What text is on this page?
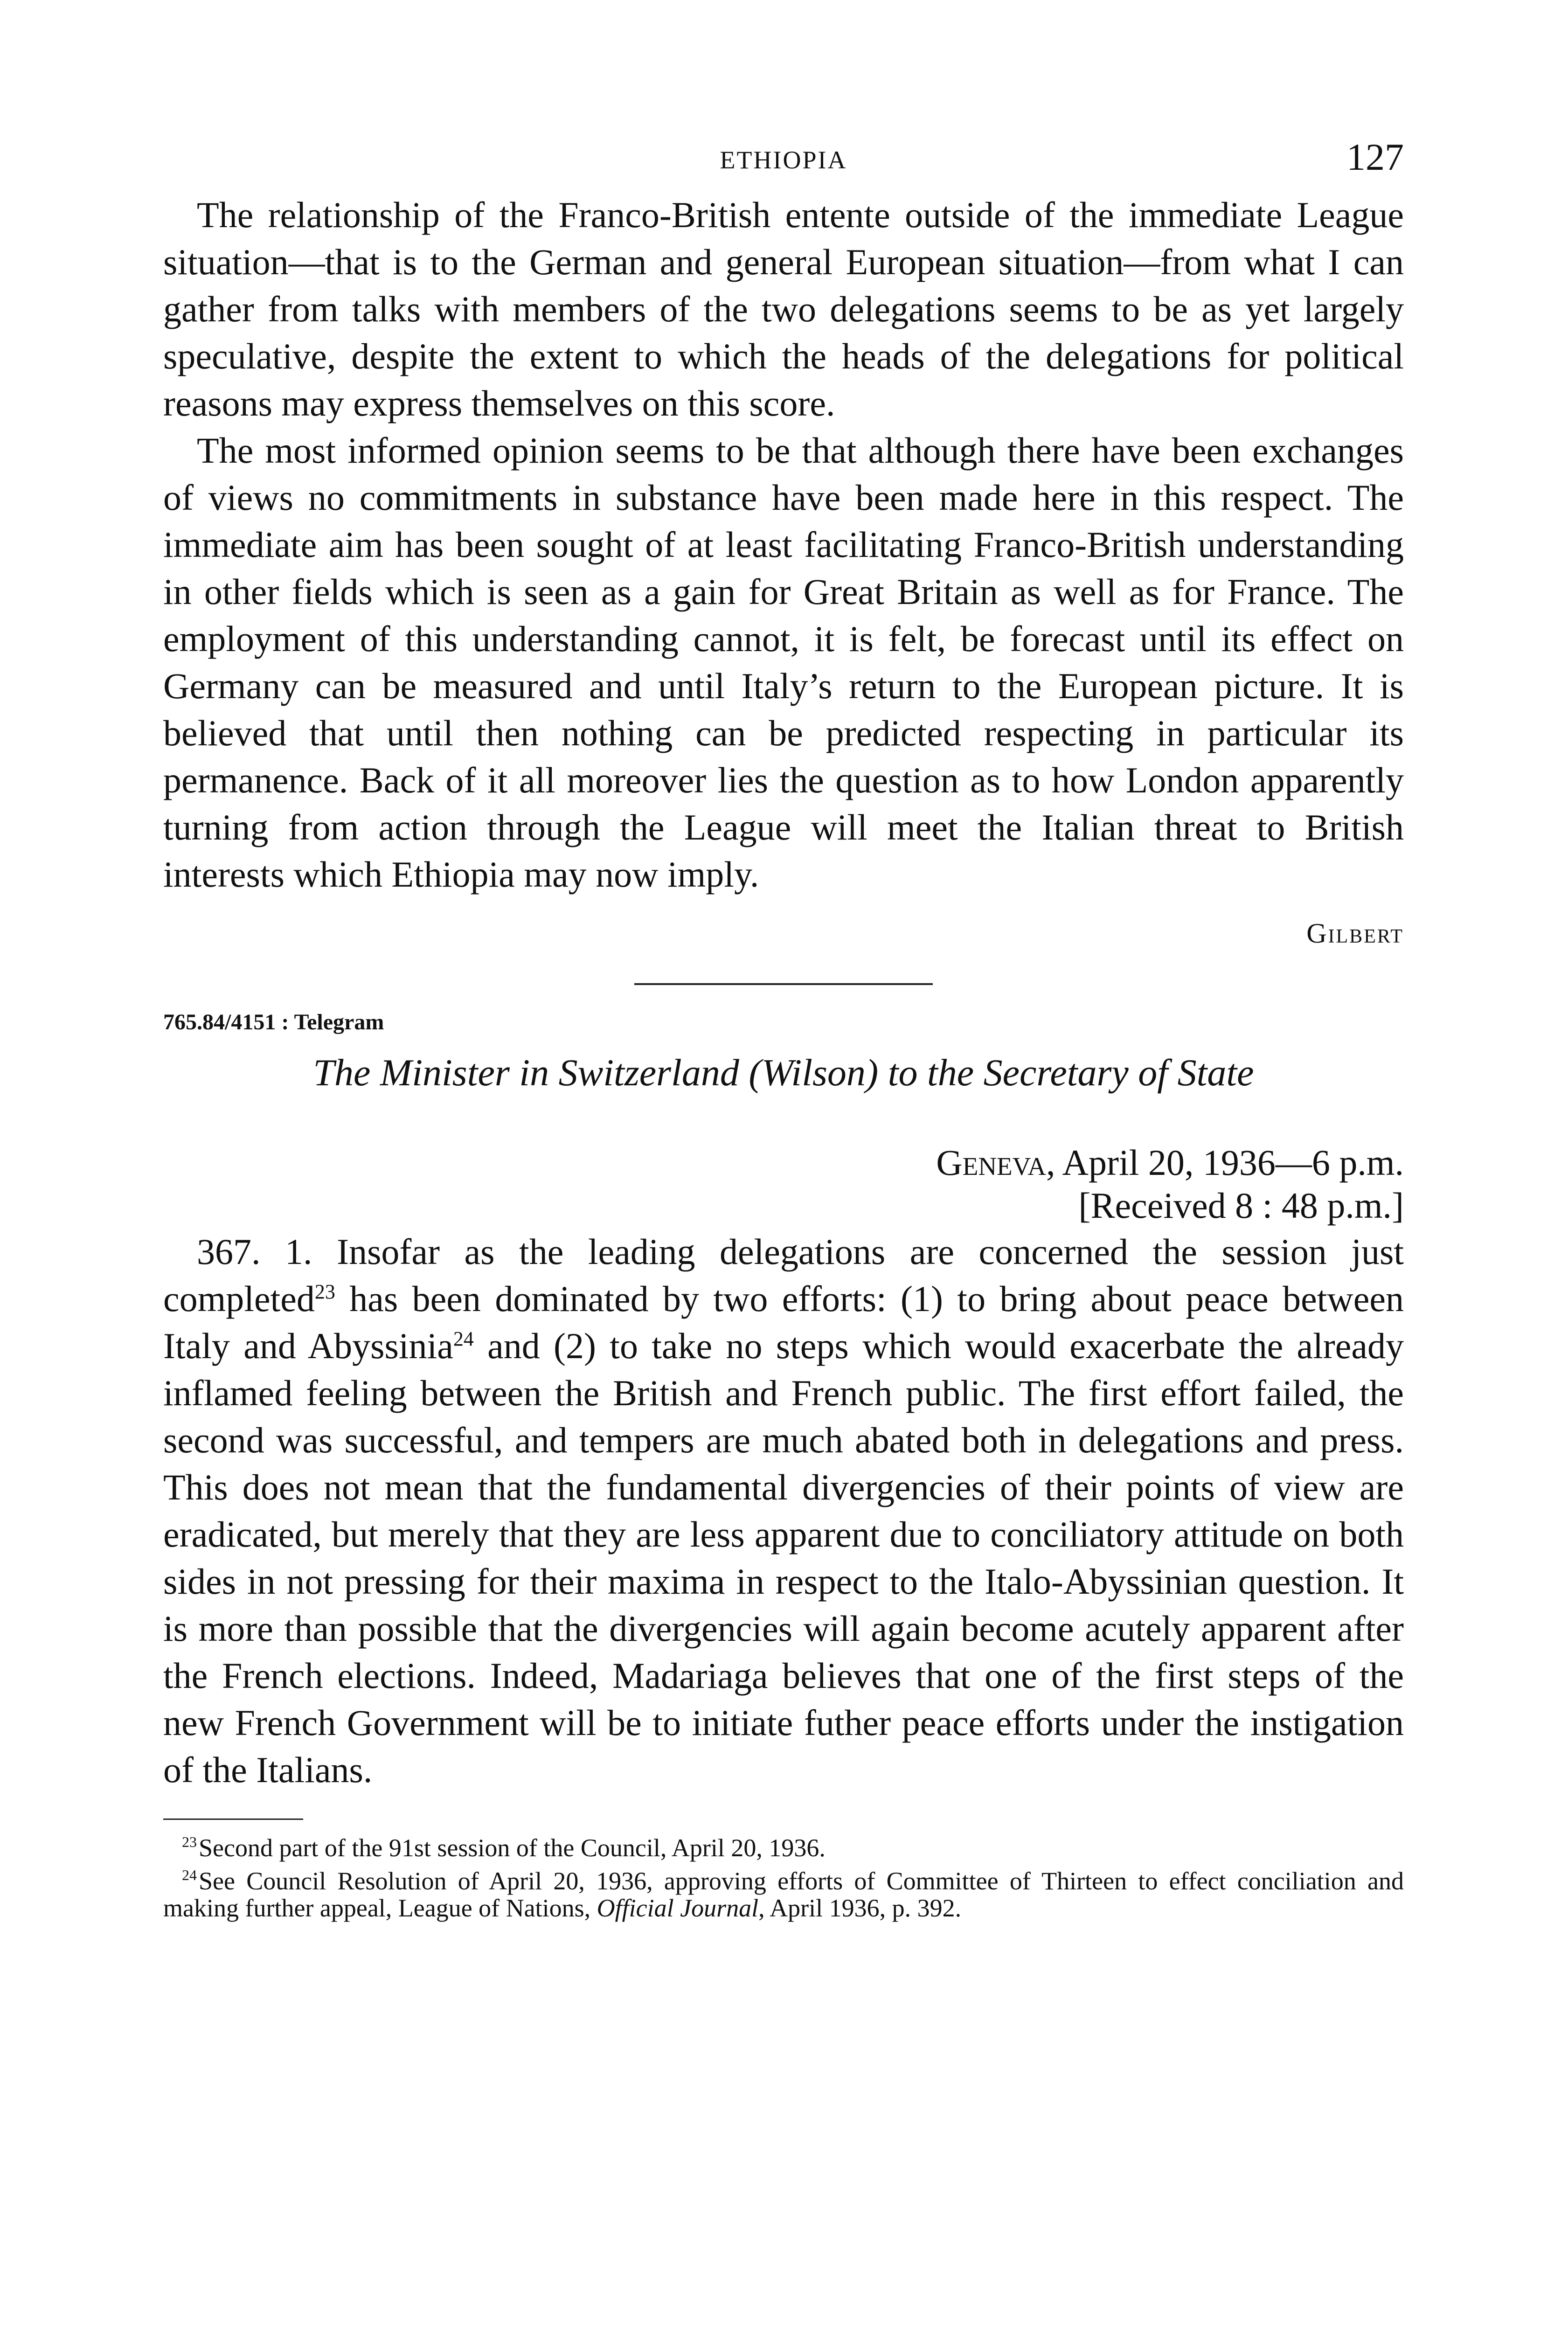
ETHIOPIA	127

The relationship of the Franco-British entente outside of the immediate League situation—that is to the German and general European situation—from what I can gather from talks with members of the two delegations seems to be as yet largely speculative, despite the extent to which the heads of the delegations for political reasons may express themselves on this score.

The most informed opinion seems to be that although there have been exchanges of views no commitments in substance have been made here in this respect. The immediate aim has been sought of at least facilitating Franco-British understanding in other fields which is seen as a gain for Great Britain as well as for France. The employment of this understanding cannot, it is felt, be forecast until its effect on Germany can be measured and until Italy’s return to the European picture. It is believed that until then nothing can be predicted respecting in particular its permanence. Back of it all moreover lies the question as to how London apparently turning from action through the League will meet the Italian threat to British interests which Ethiopia may now imply.

Gilbert
765.84/4151 : Telegram
The Minister in Switzerland (Wilson) to the Secretary of State
Geneva, April 20, 1936—6 p.m.
[Received 8 : 48 p.m.]

367. 1. Insofar as the leading delegations are concerned the session just completed$^{23}$ has been dominated by two efforts: (1) to bring about peace between Italy and Abyssinia$^{24}$ and (2) to take no steps which would exacerbate the already inflamed feeling between the British and French public. The first effort failed, the second was successful, and tempers are much abated both in delegations and press. This does not mean that the fundamental divergencies of their points of view are eradicated, but merely that they are less apparent due to conciliatory attitude on both sides in not pressing for their maxima in respect to the Italo-Abyssinian question. It is more than possible that the divergencies will again become acutely apparent after the French elections. Indeed, Madariaga believes that one of the first steps of the new French Government will be to initiate futher peace efforts under the instigation of the Italians.

$^{23}$Second part of the 91st session of the Council, April 20, 1936.
$^{24}$See Council Resolution of April 20, 1936, approving efforts of Committee of Thirteen to effect conciliation and making further appeal, League of Nations, Official Journal, April 1936, p. 392.
